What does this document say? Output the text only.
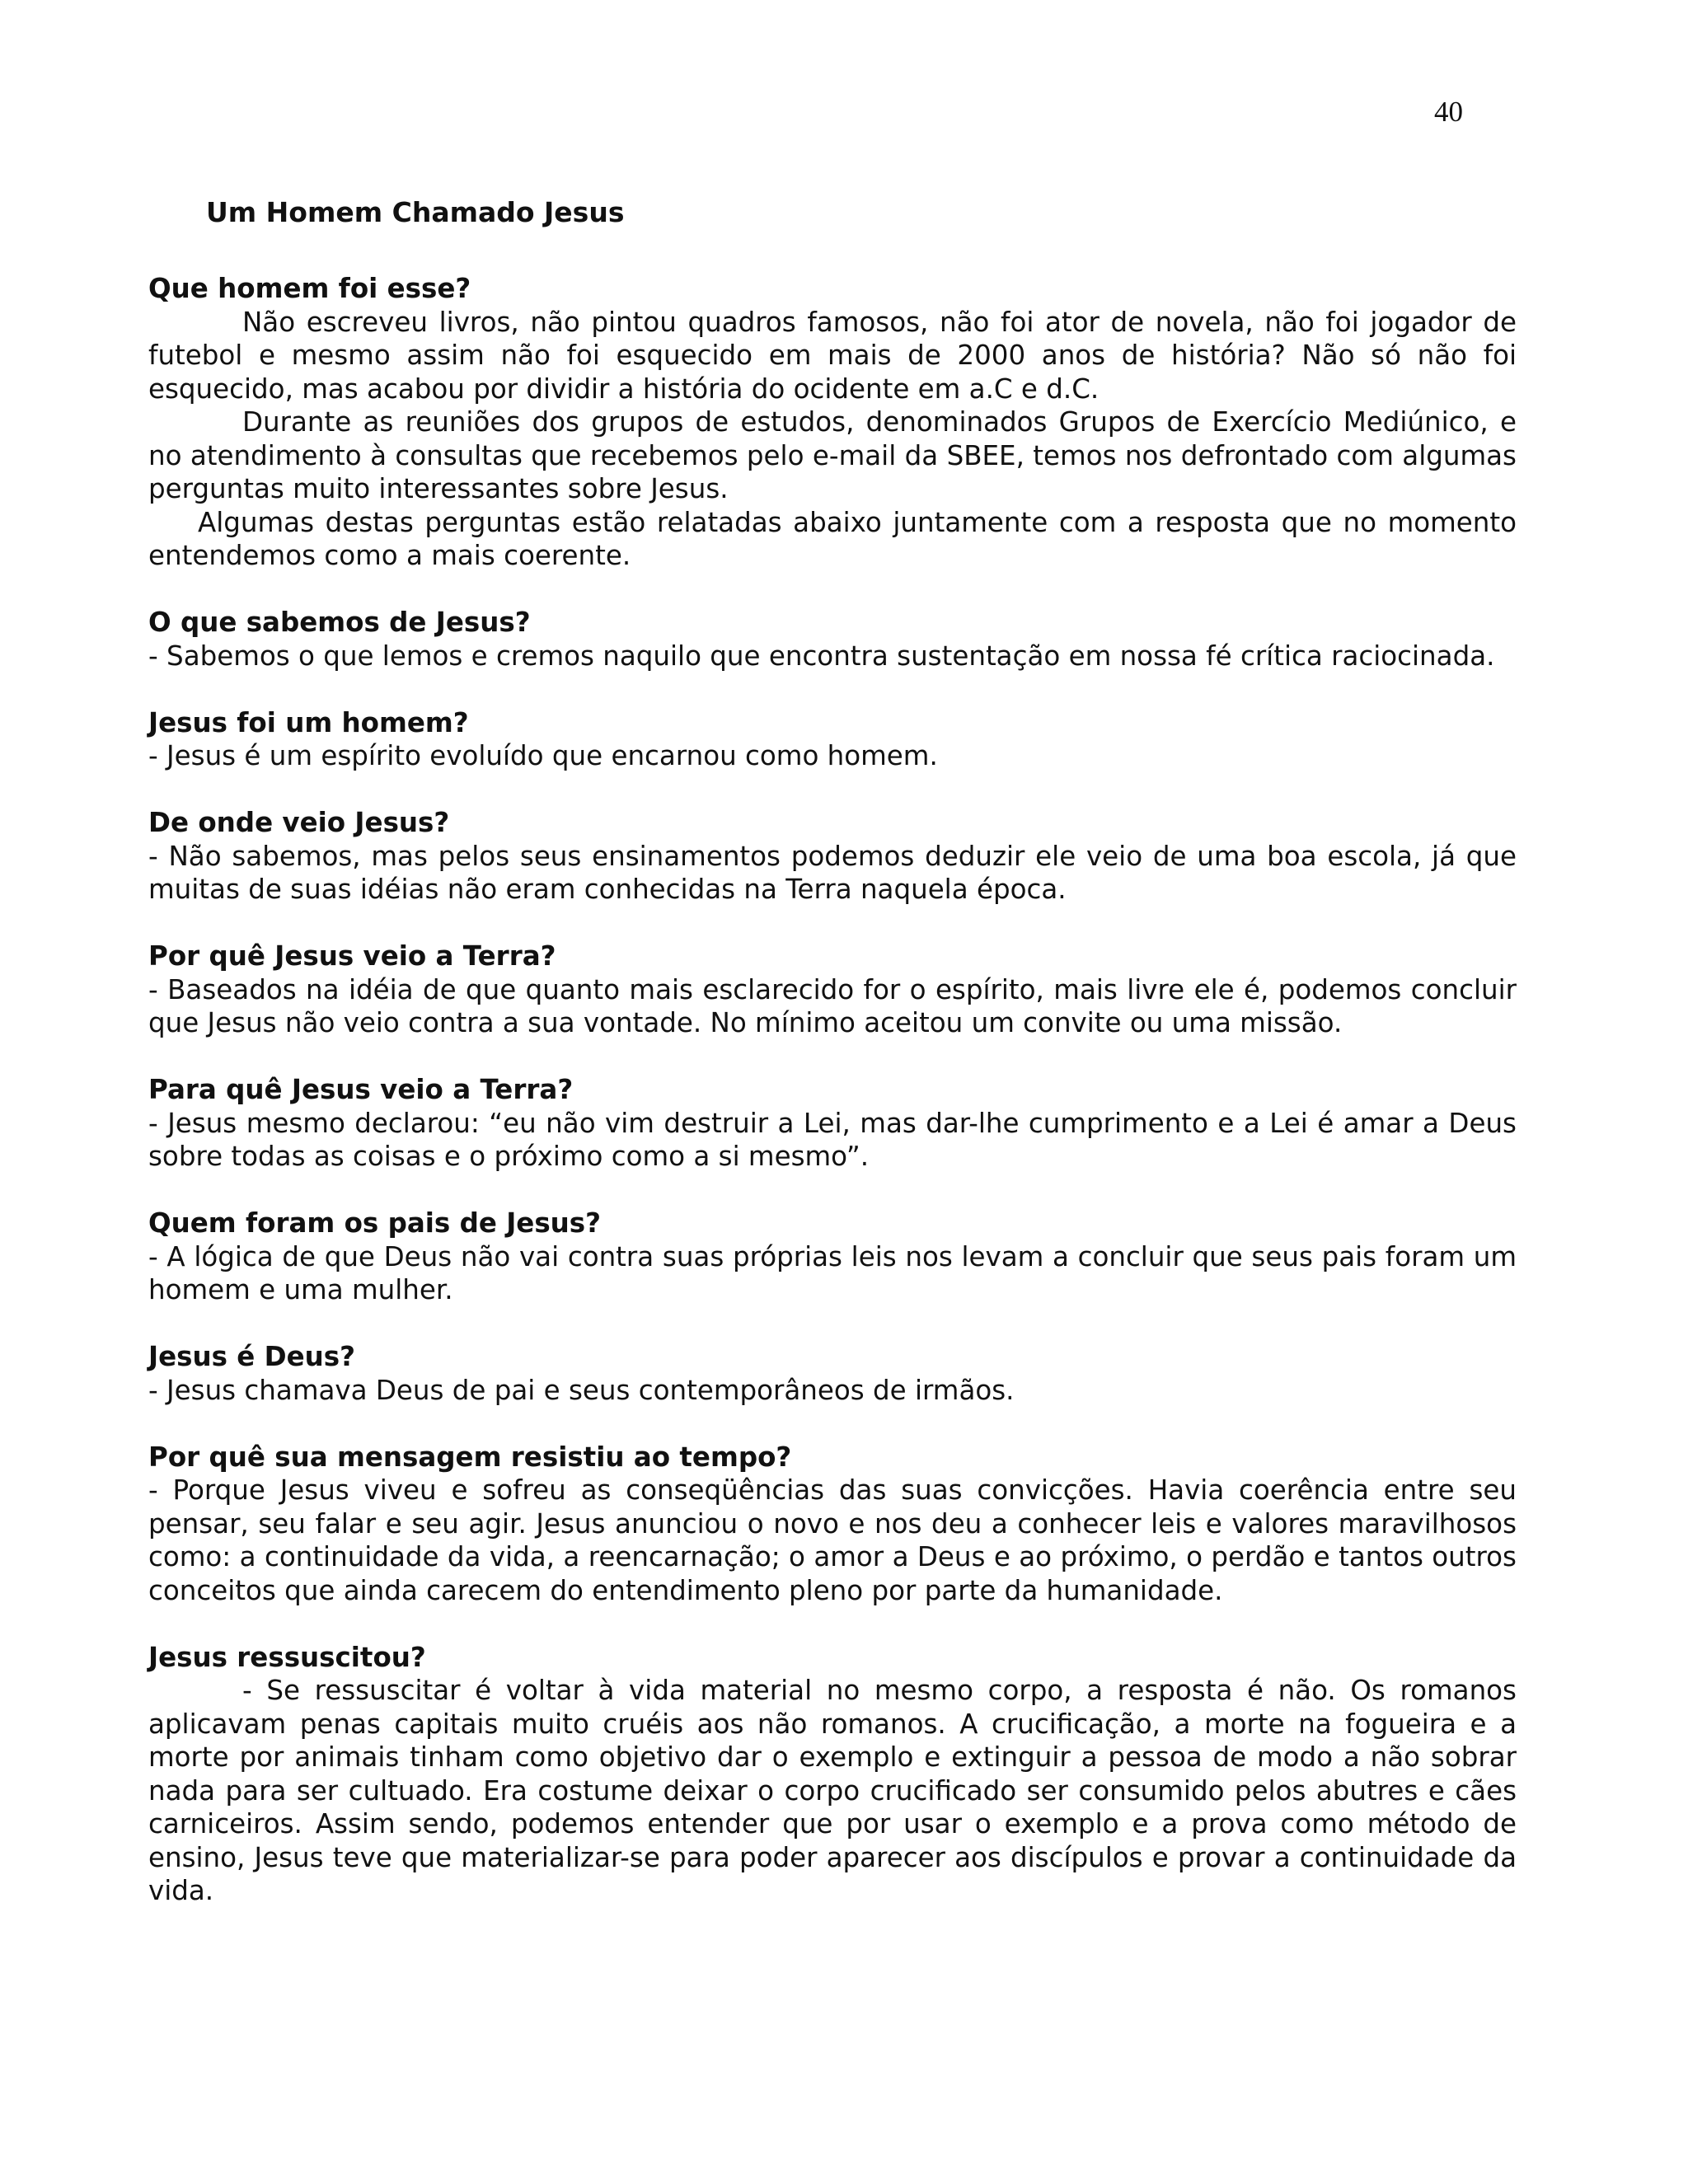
40
Um Homem Chamado Jesus

Que homem foi esse?

Não escreveu livros, não pintou quadros famosos, não foi ator de novela, não foi jogador de futebol e mesmo assim não foi esquecido em mais de 2000 anos de história? Não só não foi esquecido, mas acabou por dividir a história do ocidente em a.C e d.C.

Durante as reuniões dos grupos de estudos, denominados Grupos de Exercício Mediúnico, e no atendimento à consultas que recebemos pelo e-mail da SBEE, temos nos defrontado com algumas perguntas muito interessantes sobre Jesus.

Algumas destas perguntas estão relatadas abaixo juntamente com a resposta que no momento entendemos como a mais coerente.

O que sabemos de Jesus?

- Sabemos o que lemos e cremos naquilo que encontra sustentação em nossa fé crítica raciocinada.

Jesus foi um homem?

- Jesus é um espírito evoluído que encarnou como homem.

De onde veio Jesus?

- Não sabemos, mas pelos seus ensinamentos podemos deduzir ele veio de uma boa escola, já que muitas de suas idéias não eram conhecidas na Terra naquela época.

Por quê Jesus veio a Terra?

- Baseados na idéia de que quanto mais esclarecido for o espírito, mais livre ele é, podemos concluir que Jesus não veio contra a sua vontade. No mínimo aceitou um convite ou uma missão.

Para quê Jesus veio a Terra?

- Jesus mesmo declarou: “eu não vim destruir a Lei, mas dar-lhe cumprimento e a Lei é amar a Deus sobre todas as coisas e o próximo como a si mesmo”.

Quem foram os pais de Jesus?

- A lógica de que Deus não vai contra suas próprias leis nos levam a concluir que seus pais foram um homem e uma mulher.

Jesus é Deus?

- Jesus chamava Deus de pai e seus contemporâneos de irmãos.

Por quê sua mensagem resistiu ao tempo?

- Porque Jesus viveu e sofreu as conseqüências das suas convicções. Havia coerência entre seu pensar, seu falar e seu agir. Jesus anunciou o novo e nos deu a conhecer leis e valores maravilhosos como: a continuidade da vida, a reencarnação; o amor a Deus e ao próximo, o perdão e tantos outros conceitos que ainda carecem do entendimento pleno por parte da humanidade.

Jesus ressuscitou?

- Se ressuscitar é voltar à vida material no mesmo corpo, a resposta é não. Os romanos aplicavam penas capitais muito cruéis aos não romanos. A crucificação, a morte na fogueira e a morte por animais tinham como objetivo dar o exemplo e extinguir a pessoa de modo a não sobrar nada para ser cultuado. Era costume deixar o corpo crucificado ser consumido pelos abutres e cães carniceiros. Assim sendo, podemos entender que por usar o exemplo e a prova como método de ensino, Jesus teve que materializar-se para poder aparecer aos discípulos e provar a continuidade da vida.
